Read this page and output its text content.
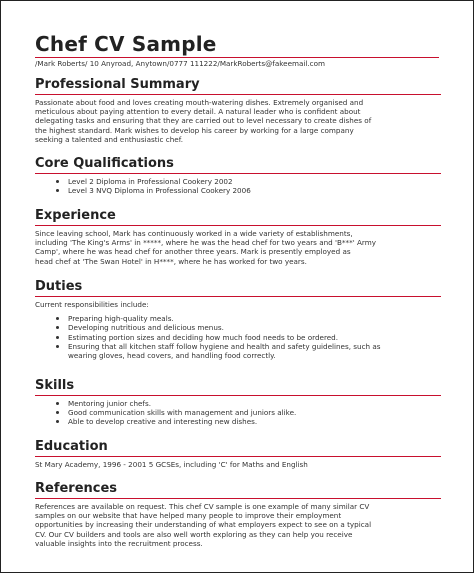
Chef CV Sample
/Mark Roberts/ 10 Anyroad, Anytown/0777 111222/MarkRoberts@fakeemail.com
Professional Summary

Passionate about food and loves creating mouth-watering dishes. Extremely organised and
meticulous about paying attention to every detail. A natural leader who is confident about
delegating tasks and ensuring that they are carried out to level necessary to create dishes of
the highest standard. Mark wishes to develop his career by working for a large company
seeking a talented and enthusiastic chef.

Core Qualifications
Level 2 Diploma in Professional Cookery 2002
Level 3 NVQ Diploma in Professional Cookery 2006
Experience

Since leaving school, Mark has continuously worked in a wide variety of establishments,
including 'The King's Arms' in *****, where he was the head chef for two years and 'B***' Army
Camp', where he was head chef for another three years. Mark is presently employed as
head chef at 'The Swan Hotel' in H****, where he has worked for two years.

Duties

Current responsibilities include:

Preparing high-quality meals.
Developing nutritious and delicious menus.
Estimating portion sizes and deciding how much food needs to be ordered.
Ensuring that all kitchen staff follow hygiene and health and safety guidelines, such as
wearing gloves, head covers, and handling food correctly.
Skills
Mentoring junior chefs.
Good communication skills with management and juniors alike.
Able to develop creative and interesting new dishes.
Education

St Mary Academy, 1996 - 2001 5 GCSEs, including 'C' for Maths and English

References

References are available on request. This chef CV sample is one example of many similar CV
samples on our website that have helped many people to improve their employment
opportunities by increasing their understanding of what employers expect to see on a typical
CV. Our CV builders and tools are also well worth exploring as they can help you receive
valuable insights into the recruitment process.
